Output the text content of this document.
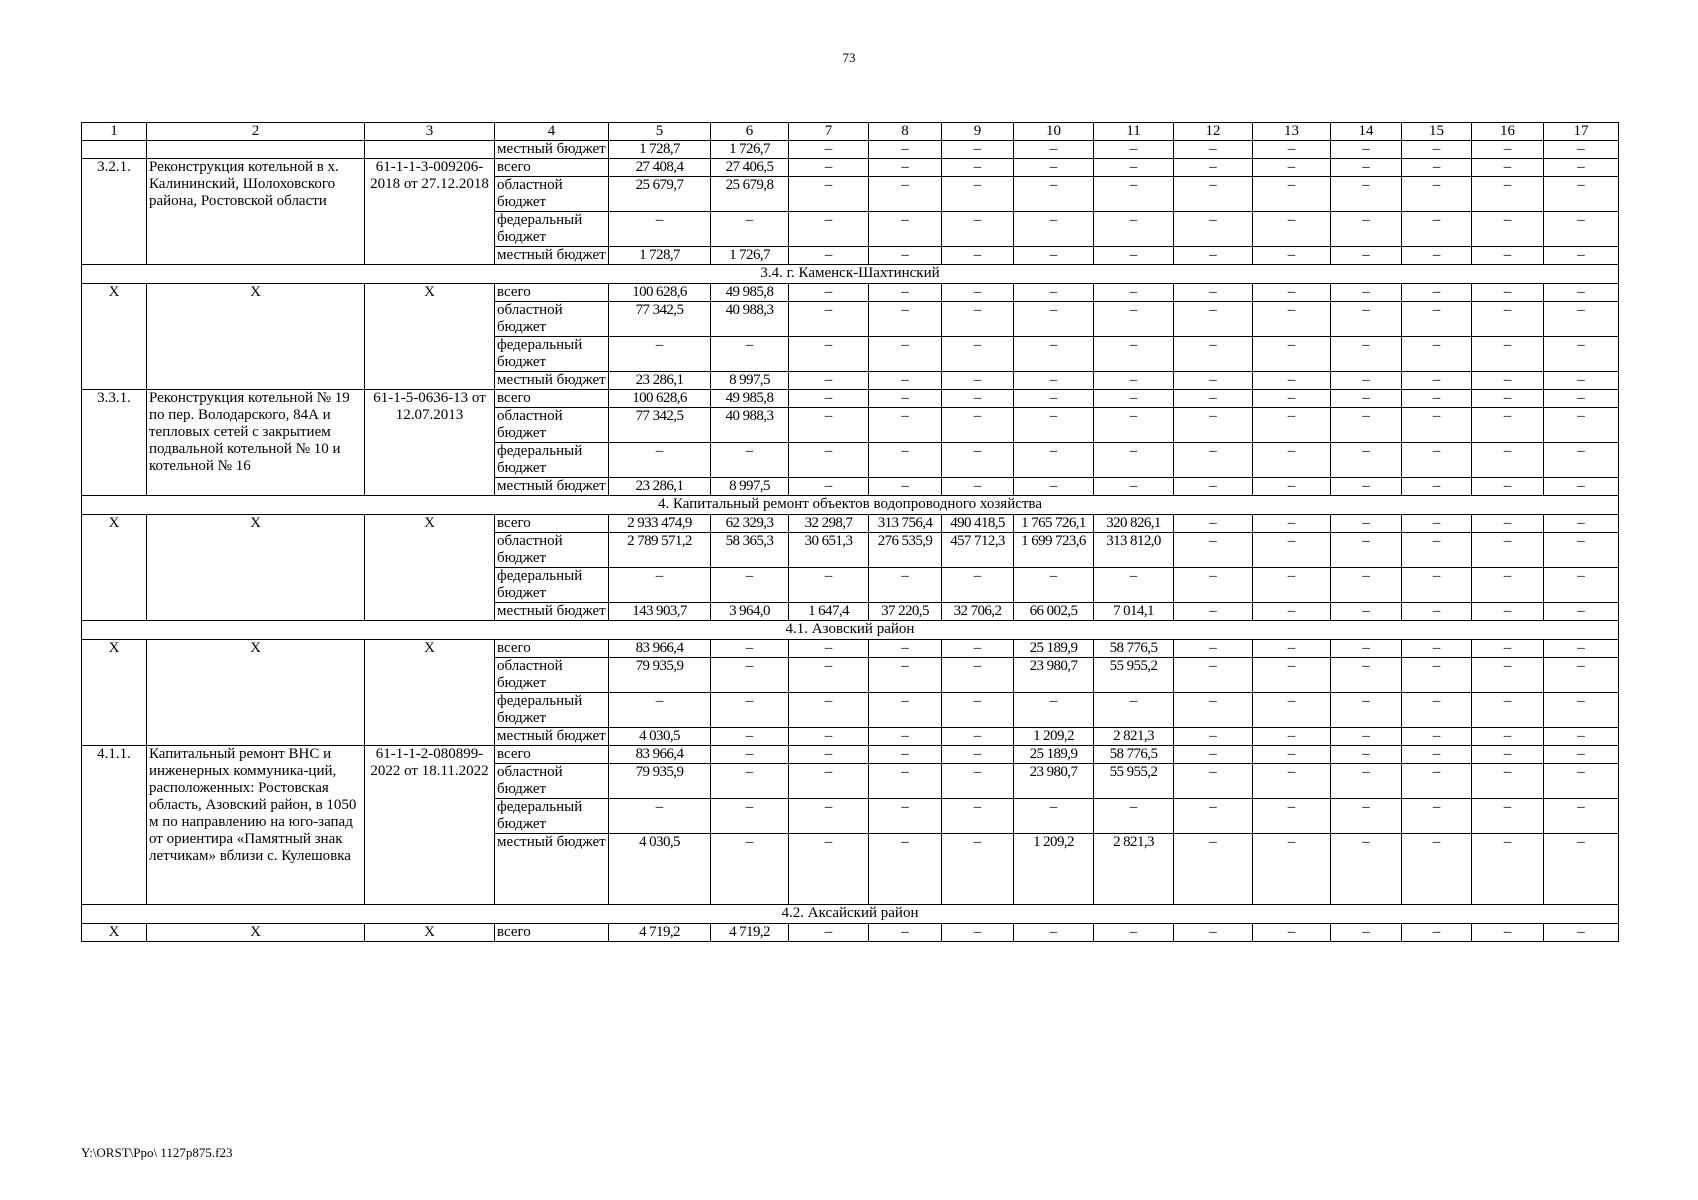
73
1	2	3	4	5	6	7	8	9	10	11	12	13	14	15	16	17
			местный бюджет	1 728,7	1 726,7	–	–	–	–	–	–	–	–	–	–	–
3.2.1.	Реконструкция котельной в х. Калининский, Шолоховского района, Ростовской области	61-1-1-3-009206-2018 от 27.12.2018	всего	27 408,4	27 406,5	–	–	–	–	–	–	–	–	–	–	–
			областной бюджет	25 679,7	25 679,8	–	–	–	–	–	–	–	–	–	–	–
			федеральный бюджет	–	–	–	–	–	–	–	–	–	–	–	–	–
			местный бюджет	1 728,7	1 726,7	–	–	–	–	–	–	–	–	–	–	–
3.4. г. Каменск-Шахтинский																
Х	Х	Х	всего	100 628,6	49 985,8	–	–	–	–	–	–	–	–	–	–	–
			областной бюджет	77 342,5	40 988,3	–	–	–	–	–	–	–	–	–	–	–
			федеральный бюджет	–	–	–	–	–	–	–	–	–	–	–	–	–
			местный бюджет	23 286,1	8 997,5	–	–	–	–	–	–	–	–	–	–	–
3.3.1.	Реконструкция котельной № 19 по пер. Володарского, 84А и тепловых сетей с закрытием подвальной котельной № 10 и котельной № 16	61-1-5-0636-13 от 12.07.2013	всего	100 628,6	49 985,8	–	–	–	–	–	–	–	–	–	–	–
			областной бюджет	77 342,5	40 988,3	–	–	–	–	–	–	–	–	–	–	–
			федеральный бюджет	–	–	–	–	–	–	–	–	–	–	–	–	–
			местный бюджет	23 286,1	8 997,5	–	–	–	–	–	–	–	–	–	–	–
4. Капитальный ремонт объектов водопроводного хозяйства																
Х	Х	Х	всего	2 933 474,9	62 329,3	32 298,7	313 756,4	490 418,5	1 765 726,1	320 826,1	–	–	–	–	–	–
			областной бюджет	2 789 571,2	58 365,3	30 651,3	276 535,9	457 712,3	1 699 723,6	313 812,0	–	–	–	–	–	–
			федеральный бюджет	–	–	–	–	–	–	–	–	–	–	–	–	–
			местный бюджет	143 903,7	3 964,0	1 647,4	37 220,5	32 706,2	66 002,5	7 014,1	–	–	–	–	–	–
4.1. Азовский район																
Х	Х	Х	всего	83 966,4	–	–	–	–	25 189,9	58 776,5	–	–	–	–	–	–
			областной бюджет	79 935,9	–	–	–	–	23 980,7	55 955,2	–	–	–	–	–	–
			федеральный бюджет	–	–	–	–	–	–	–	–	–	–	–	–	–
			местный бюджет	4 030,5	–	–	–	–	1 209,2	2 821,3	–	–	–	–	–	–
4.1.1.	Капитальный ремонт ВНС и инженерных коммуника-ций, расположенных: Ростовская область, Азовский район, в 1050 м по направлению на юго-запад от ориентира «Памятный знак летчикам» вблизи с. Кулешовка	61-1-1-2-080899-2022 от 18.11.2022	всего	83 966,4	–	–	–	–	25 189,9	58 776,5	–	–	–	–	–	–
			областной бюджет	79 935,9	–	–	–	–	23 980,7	55 955,2	–	–	–	–	–	–
			федеральный бюджет	–	–	–	–	–	–	–	–	–	–	–	–	–
			местный бюджет	4 030,5	–	–	–	–	1 209,2	2 821,3	–	–	–	–	–	–
4.2. Аксайский район																
Х	Х	Х	всего	4 719,2	4 719,2	–	–	–	–	–	–	–	–	–	–	–
Y:\ORST\Ppo\ 1127p875.f23
